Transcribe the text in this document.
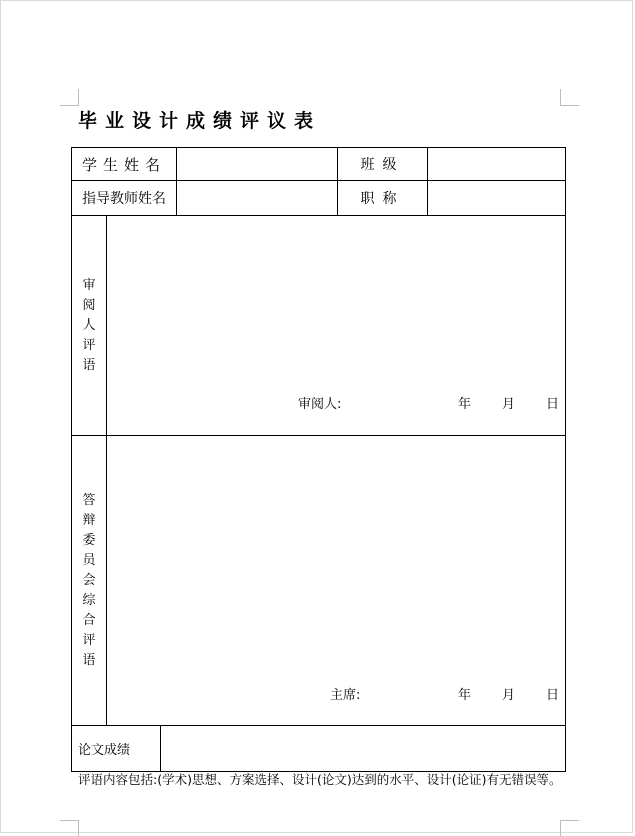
毕业设计成绩评议表
学生姓名	班级
指导教师姓名	职称
审
阅
人
评
语
审阅人:	年 月 日
答
辩
委
员
会
综
合
评
语
主席:	年 月 日
论文成绩
评语内容包括:(学术)思想、方案选择、设计(论文)达到的水平、设计(论证)有无错误等。
